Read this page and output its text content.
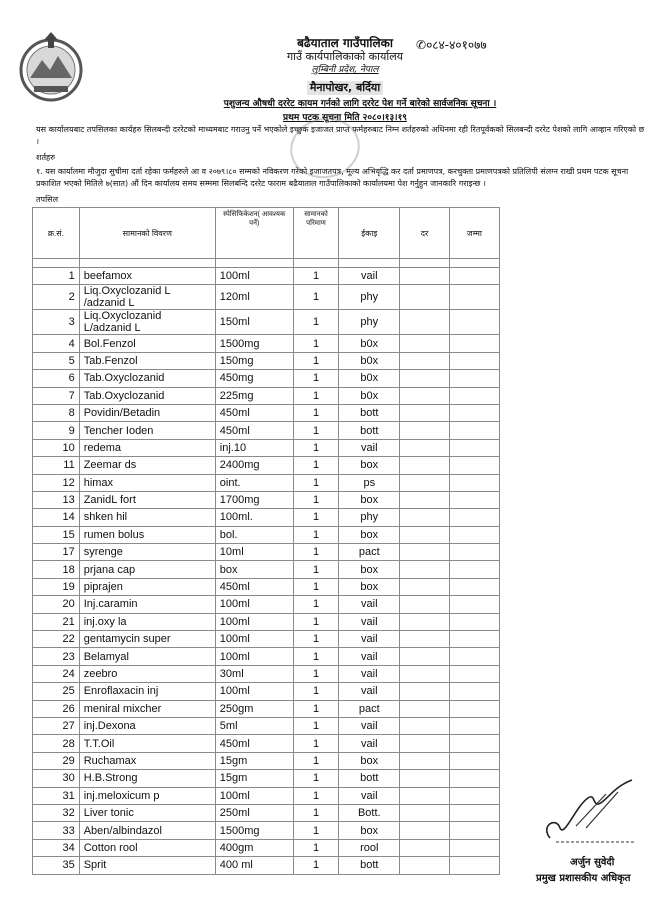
बढैयाताल गाउँपालिका
गाउँ कार्यपालिकाको कार्यालय
लुम्बिनी प्रदेश, नेपाल
मैनापोखर, बर्दिया
✆०८४-४०१०७७
पशुजन्य औषधी दररेट कायम गर्नको लागि दररेट पेश गर्ने बारेको सार्वजनिक सूचना ।
प्रथम पटक सूचना मिति २०८०।१३।१९
यस कार्यालयबाट तपसिलका कार्यहरु सिलबन्दी दररेटको माध्यमबाट गराउनु पर्ने भएकोले इच्छुक इजाजत प्राप्त फर्महरुबाट निम्न शर्तहरुको अधिनमा रही रितपूर्वकको सिलबन्दी दररेट पेशको लागि आव्हान गरिएको छ ।
शर्तहरु
१. यस कार्यालमा मौजुदा सुचीमा दर्ता रहेका फर्महरुले आ व २०७९।८० सम्मको नविकरण गरेको इजाजतपत्र, मूल्य अभिवृद्धि कर दर्ता प्रमाणपत्र, करचुक्ता प्रमाणपत्रको प्रतिलिपी संलग्न राखी प्रथम पटक सूचना प्रकाशित भएको मितिले ७(सात) औं दिन कार्यालय समय सम्ममा सिलबन्दि दररेट फाराम बढैयाताल गाउँपालिकाको कार्यालयमा पेश गर्नुहुन जानकारि गराइन्छ ।
तपसिल
क्र.सं.	सामानको विवरण	स्पेसिफिकेशन( आवश्यक पर्ने)	सामानको परिमाण	ईकाइ	दर	जम्मा

1	beefamox	100ml	1	vail		
2	Liq.Oxyclozanid L /adzanid L	120ml	1	phy		
3	Liq.Oxyclozanid L/adzanid L	150ml	1	phy		
4	Bol.Fenzol	1500mg	1	b0x		
5	Tab.Fenzol	150mg	1	b0x		
6	Tab.Oxyclozanid	450mg	1	b0x		
7	Tab.Oxyclozanid	225mg	1	b0x		
8	Povidin/Betadin	450ml	1	bott		
9	Tencher Ioden	450ml	1	bott		
10	redema	inj.10	1	vail		
11	Zeemar ds	2400mg	1	box		
12	himax	oint.	1	ps		
13	ZanidL fort	1700mg	1	box		
14	shken hil	100ml.	1	phy		
15	rumen bolus	bol.	1	box		
17	syrenge	10ml	1	pact		
18	prjana cap	box	1	box		
19	piprajen	450ml	1	box		
20	Inj.caramin	100ml	1	vail		
21	inj.oxy la	100ml	1	vail		
22	gentamycin super	100ml	1	vail		
23	Belamyal	100ml	1	vail		
24	zeebro	30ml	1	vail		
25	Enroflaxacin inj	100ml	1	vail		
26	meniral mixcher	250gm	1	pact		
27	inj.Dexona	5ml	1	vail		
28	T.T.Oil	450ml	1	vail		
29	Ruchamax	15gm	1	box		
30	H.B.Strong	15gm	1	bott		
31	inj.meloxicum p	100ml	1	vail		
32	Liver tonic	250ml	1	Bott.		
33	Aben/albindazol	1500mg	1	box		
34	Cotton rool	400gm	1	rool		
35	Sprit	400 ml	1	bott			अर्जुन सुवेदी
प्रमुख प्रशासकीय अधिकृत
